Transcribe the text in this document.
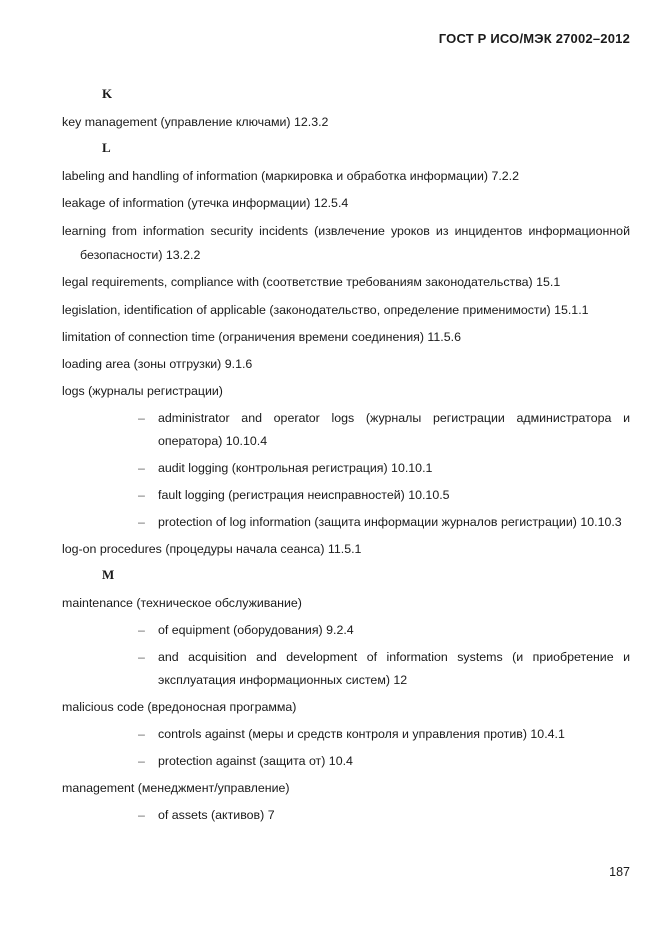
ГОСТ Р ИСО/МЭК 27002–2012
K
key management (управление ключами) 12.3.2
L
labeling and handling of information (маркировка и обработка информации) 7.2.2
leakage of information (утечка информации) 12.5.4
learning from information security incidents (извлечение уроков из инцидентов информационной безопасности) 13.2.2
legal requirements, compliance with (соответствие требованиям законодательства) 15.1
legislation, identification of applicable (законодательство, определение применимости) 15.1.1
limitation of connection time (ограничения времени соединения) 11.5.6
loading area (зоны отгрузки) 9.1.6
logs (журналы регистрации)
– administrator and operator logs (журналы регистрации администратора и оператора) 10.10.4
– audit logging (контрольная регистрация) 10.10.1
– fault logging (регистрация неисправностей) 10.10.5
– protection of log information (защита информации журналов регистрации) 10.10.3
log-on procedures (процедуры начала сеанса) 11.5.1
M
maintenance (техническое обслуживание)
– of equipment (оборудования) 9.2.4
– and acquisition and development of information systems (и приобретение и эксплуатация информационных систем) 12
malicious code (вредоносная программа)
– controls against (меры и средств контроля и управления против) 10.4.1
– protection against (защита от) 10.4
management (менеджмент/управление)
– of assets (активов) 7
187
